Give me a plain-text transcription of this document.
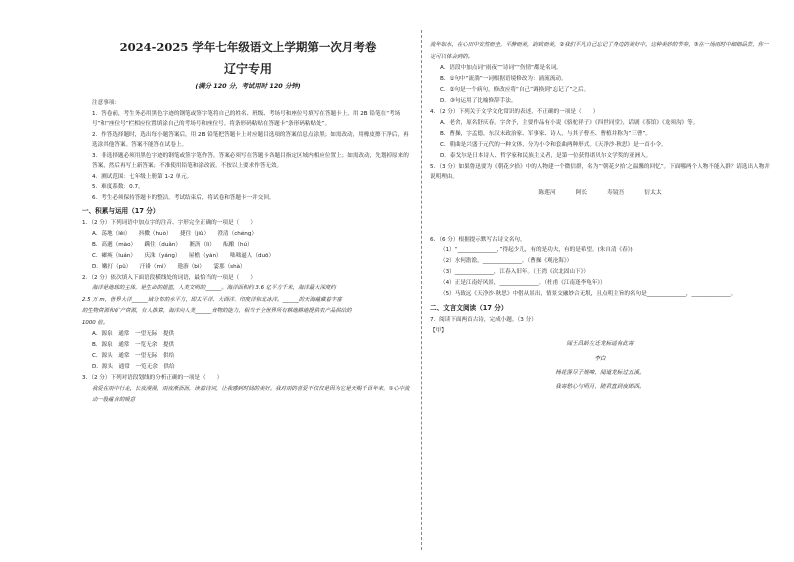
2024-2025 学年七年级语文上学期第一次月考卷

辽宁专用

(满分 120 分，考试用时 120 分钟)

注意事项：

1．答卷前，考生务必用黑色字迹的钢笔或签字笔将自己的姓名、班级、考场号和座位号填写在答题卡上，用 2B 铅笔在“考场号”和“座位号”栏相应位置填涂自己的考场号和座位号。将条形码粘贴在答题卡“条形码粘贴处”。

2．作答选择题时，选出每小题答案后，用 2B 铅笔把答题卡上对应题目选项的答案信息点涂黑；如需改动，用橡皮擦干净后，再选涂其他答案。答案不能答在试卷上。

3．非选择题必须用黑色字迹的钢笔或签字笔作答，答案必须写在答题卡各题目指定区域内相应位置上；如需改动，先划掉原来的答案，然后再写上新答案；不准使用铅笔和涂改液。不按以上要求作答无效。

4．测试范围：七年级上册第 1-2 单元。

5．难度系数：0.7。

6．考生必须保持答题卡的整洁。考试结束后，将试卷和答题卡一并交回。

一、积累与运用（17 分）

1．（2 分）下列词语中加点字的注音、字形完全正确的一项是（　　）

A．荡地（lěi）　　抖擞（huò）　　捷往（jiǔ）　　澄清（chéng）

B．高邈（mào）　　蹒住（duǎn）　　淅沥（lì）　　酝酿（hú）

C．瘫痪（luán）　　庆洙（yáng）　　屋檐（yán）　　咄咄逼人（duō）

D．嫩打（pǔ）　　汗褂（mì）　　遨游（bì）　　霎那（shà）

2．（2 分）依次填入下面语段横线处的词语，最恰当的一项是（　　）

海洋是地球的主体，是生命的摇篮，人类文明的______。海洋面积约 3.6 亿平方千米，海洋最大深度约

2.5 万 m，世界大洋______域分布的水平方，即太平洋、大西洋、印度洋和北冰洋。______的天海蕴藏着丰富

的生物资源和矿产资源，有人推算，海洋向人类______食物的能力，相当于全世界所有耕地耕地提供农产品供给的

1000 倍。

A．源泉　通常　一望无际　提供

B．源泉　通常　一览无余　提供

C．源头　通常　一望无际　供给

D．源头　通常　一览无余　供给

3．（2 分）下列对语段划线的分析正确的一项是（　　）

我爱在雨中行走，长夜漫漫，雨夜淅沥沥，读着诗词，让我感到时间的美好。我对雨的喜爱不仅仅是因为它是天赐千百年来，①心中流动一股蕴含的暖意

流年如水，在心田中安然而坐，平静而美，韵致而美，②我们平凡自己忘记了身边的美好中。这种美妙的节奏，③在一场雨时中细细品尝，你一定可以体会到的。

A．语段中加点词“雨夜”“诗词”“伤情”都是名词。

B．①句中“流淌”一词根据语境修改为：涌流流动。

C．②句是一个病句，修改应将“自己”调换到“忘记了”之后。

D．③句运用了比喻修辞手法。

4．（2 分）下列关于文学文化常识的表述，不正确的一项是（　　）

A．老舍，原名舒庆春，字舍予，主要作品有小说《骆驼祥子》《四世同堂》，话剧《茶馆》《龙须沟》等。

B．曹操，字孟德，东汉末政治家、军事家、诗人，与其子曹丕、曹植并称为“三曹”。

C．朝曲是兴盛于元代的一种文体，分为小令和套曲两种形式。《天净沙·秋思》是一首小令。

D．泰戈尔是日本诗人、哲学家和民族主义者，是第一位获得诺贝尔文学奖的亚洲人。

5．（3 分）如果鲁迅要为《朝花夕拾》中的人物建一个微信群，名为“‘朝花夕拾’之温馨的回忆”。下面哪两个人物不能入群？请选出人物并说明理由。

陈莲河	阿长	寿镜吾	衍太太

6．（6 分）根据提示默写古诗文名句。

（1）“______________，”得起少儿，有的是功夫，有的是希望。(朱自清《春》)

（2）水何澹澹，______________。（曹操《观沧海》）

（3）______________，江春入旧年。（王湾《次北固山下》）

（4）正是江南好风景，______________。（杜甫《江南逢李龟年》）

（5）马致远《天净沙·秋思》中借从景出，情景交融妙合无垠，且点明主旨的名句是______________，______________。

二、文言文阅读（17 分）

7．阅读下面两首古诗，完成小题。（3 分）

【甲】

闻王昌龄左迁龙标遥有此寄

李白

杨花落尽子规啼，闻道龙标过五溪。

我寄愁心与明月，随君直到夜郎西。
